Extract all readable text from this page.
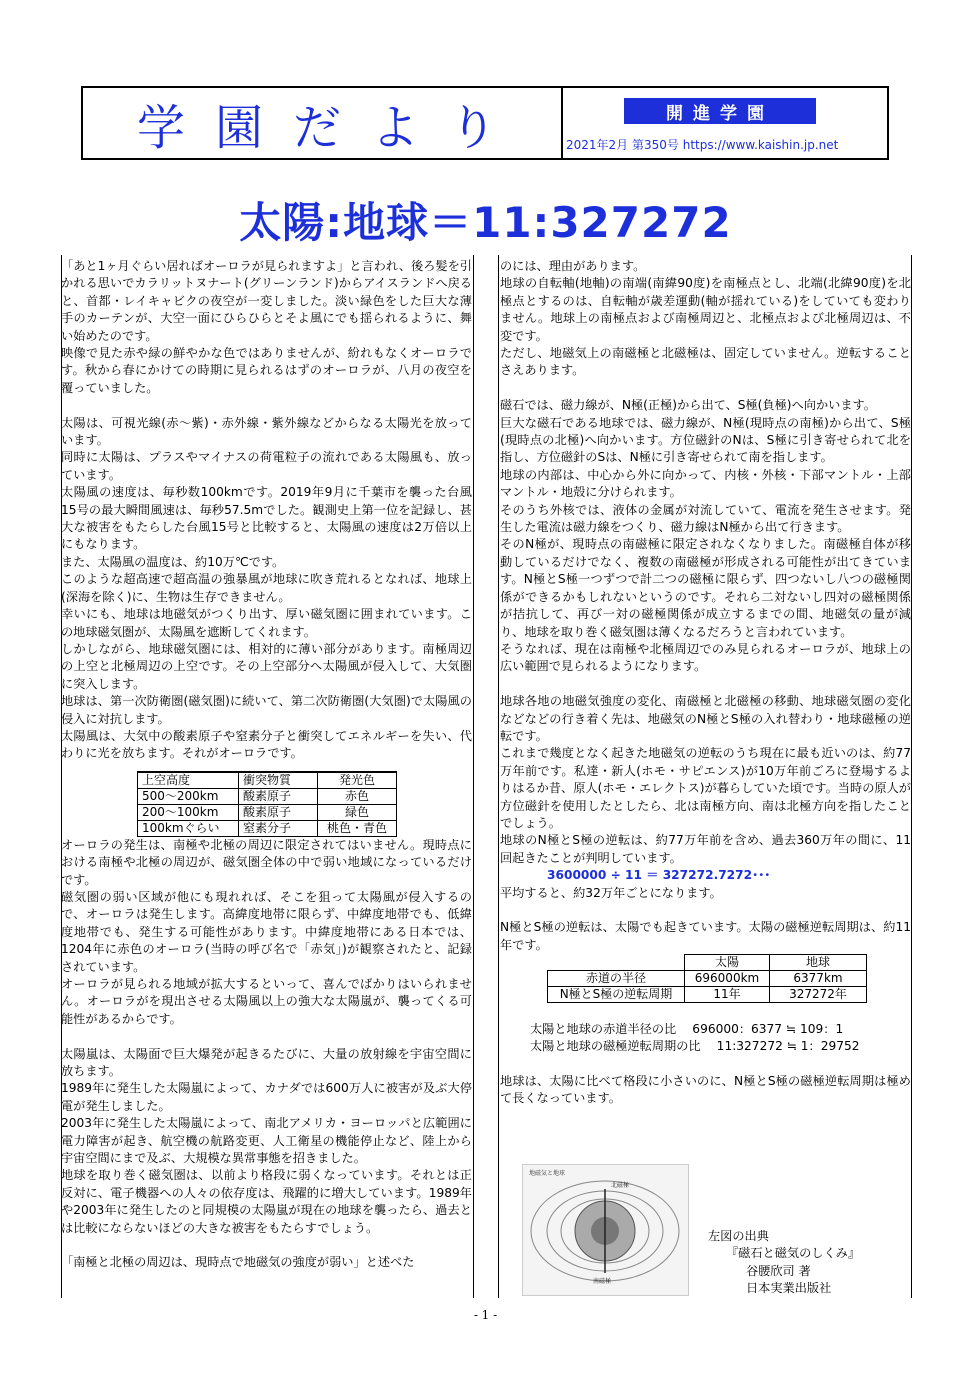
学園だより	開進学園
2021年2月 第350号 https://www.kaishin.jp.net
太陽:地球＝11:327272

「あと1ヶ月ぐらい居ればオーロラが見られますよ」と言われ、後ろ髪を引かれる思いでカラリットヌナート(グリーンランド)からアイスランドへ戻ると、首都・レイキャビクの夜空が一変しました。淡い緑色をした巨大な薄手のカーテンが、大空一面にひらひらとそよ風にでも揺られるように、舞い始めたのです。

映像で見た赤や緑の鮮やかな色ではありませんが、紛れもなくオーロラです。秋から春にかけての時期に見られるはずのオーロラが、八月の夜空を覆っていました。

太陽は、可視光線(赤〜紫)・赤外線・紫外線などからなる太陽光を放っています。

同時に太陽は、プラスやマイナスの荷電粒子の流れである太陽風も、放っています。

太陽風の速度は、毎秒数100kmです。2019年9月に千葉市を襲った台風15号の最大瞬間風速は、毎秒57.5mでした。観測史上第一位を記録し、甚大な被害をもたらした台風15号と比較すると、太陽風の速度は2万倍以上にもなります。

また、太陽風の温度は、約10万℃です。

このような超高速で超高温の強暴風が地球に吹き荒れるとなれば、地球上(深海を除く)に、生物は生存できません。

幸いにも、地球は地磁気がつくり出す、厚い磁気圏に囲まれています。この地球磁気圏が、太陽風を遮断してくれます。

しかしながら、地球磁気圏には、相対的に薄い部分があります。南極周辺の上空と北極周辺の上空です。その上空部分へ太陽風が侵入して、大気圏に突入します。

地球は、第一次防衛圏(磁気圏)に続いて、第二次防衛圏(大気圏)で太陽風の侵入に対抗します。

太陽風は、大気中の酸素原子や窒素分子と衝突してエネルギーを失い、代わりに光を放ちます。それがオーロラです。

上空高度	衝突物質	発光色
500〜200km	酸素原子	赤色
200〜100km	酸素原子	緑色
100kmぐらい	窒素分子	桃色・青色

オーロラの発生は、南極や北極の周辺に限定されてはいません。現時点における南極や北極の周辺が、磁気圏全体の中で弱い地域になっているだけです。

磁気圏の弱い区域が他にも現れれば、そこを狙って太陽風が侵入するので、オーロラは発生します。高緯度地帯に限らず、中緯度地帯でも、低緯度地帯でも、発生する可能性があります。中緯度地帯にある日本では、1204年に赤色のオーロラ(当時の呼び名で「赤気」)が観察されたと、記録されています。

オーロラが見られる地域が拡大するといって、喜んでばかりはいられません。オーロラがを現出させる太陽風以上の強大な太陽嵐が、襲ってくる可能性があるからです。

太陽嵐は、太陽面で巨大爆発が起きるたびに、大量の放射線を宇宙空間に放ちます。

1989年に発生した太陽嵐によって、カナダでは600万人に被害が及ぶ大停電が発生しました。

2003年に発生した太陽嵐によって、南北アメリカ・ヨーロッパと広範囲に電力障害が起き、航空機の航路変更、人工衛星の機能停止など、陸上から宇宙空間にまで及ぶ、大規模な異常事態を招きました。

地球を取り巻く磁気圏は、以前より格段に弱くなっています。それとは正反対に、電子機器への人々の依存度は、飛躍的に増大しています。1989年や2003年に発生したのと同規模の太陽嵐が現在の地球を襲ったら、過去とは比較にならないほどの大きな被害をもたらすでしょう。

「南極と北極の周辺は、現時点で地磁気の強度が弱い」と述べた

のには、理由があります。

地球の自転軸(地軸)の南端(南緯90度)を南極点とし、北端(北緯90度)を北極点とするのは、自転軸が歳差運動(軸が揺れている)をしていても変わりません。地球上の南極点および南極周辺と、北極点および北極周辺は、不変です。

ただし、地磁気上の南磁極と北磁極は、固定していません。逆転することさえあります。

磁石では、磁力線が、N極(正極)から出て、S極(負極)へ向かいます。

巨大な磁石である地球では、磁力線が、N極(現時点の南極)から出て、S極(現時点の北極)へ向かいます。方位磁針のNは、S極に引き寄せられて北を指し、方位磁針のSは、N極に引き寄せられて南を指します。

地球の内部は、中心から外に向かって、内核・外核・下部マントル・上部マントル・地殻に分けられます。

そのうち外核では、液体の金属が対流していて、電流を発生させます。発生した電流は磁力線をつくり、磁力線はN極から出て行きます。

そのN極が、現時点の南磁極に限定されなくなりました。南磁極自体が移動しているだけでなく、複数の南磁極が形成される可能性が出てきています。N極とS極一つずつで計二つの磁極に限らず、四つないし八つの磁極関係ができるかもしれないというのです。それら二対ないし四対の磁極関係が拮抗して、再び一対の磁極関係が成立するまでの間、地磁気の量が減り、地球を取り巻く磁気圏は薄くなるだろうと言われています。

そうなれば、現在は南極や北極周辺でのみ見られるオーロラが、地球上の広い範囲で見られるようになります。

地球各地の地磁気強度の変化、南磁極と北磁極の移動、地球磁気圏の変化などなどの行き着く先は、地磁気のN極とS極の入れ替わり・地球磁極の逆転です。

これまで幾度となく起きた地磁気の逆転のうち現在に最も近いのは、約77万年前です。私達・新人(ホモ・サピエンス)が10万年前ごろに登場するよりはるか昔、原人(ホモ・エレクトス)が暮らしていた頃です。当時の原人が方位磁針を使用したとしたら、北は南極方向、南は北極方向を指したことでしょう。

地球のN極とS極の逆転は、約77万年前を含め、過去360万年の間に、11回起きたことが判明しています。

3600000 ÷ 11 ＝ 327272.7272･･･

平均すると、約32万年ごとになります。

N極とS極の逆転は、太陽でも起きています。太陽の磁極逆転周期は、約11年です。

	太陽	地球
赤道の半径	696000km	6377km
N極とS極の逆転周期	11年	327272年

太陽と地球の赤道半径の比　 696000：6377 ≒ 109：1

太陽と地球の磁極逆転周期の比　 11:327272 ≒ 1：29752

地球は、太陽に比べて格段に小さいのに、N極とS極の磁極逆転周期は極めて長くなっています。

地磁気と地球
北磁極
南磁極
左図の出典
『磁石と磁気のしくみ』
谷腰欣司 著
日本実業出版社
- 1 -
